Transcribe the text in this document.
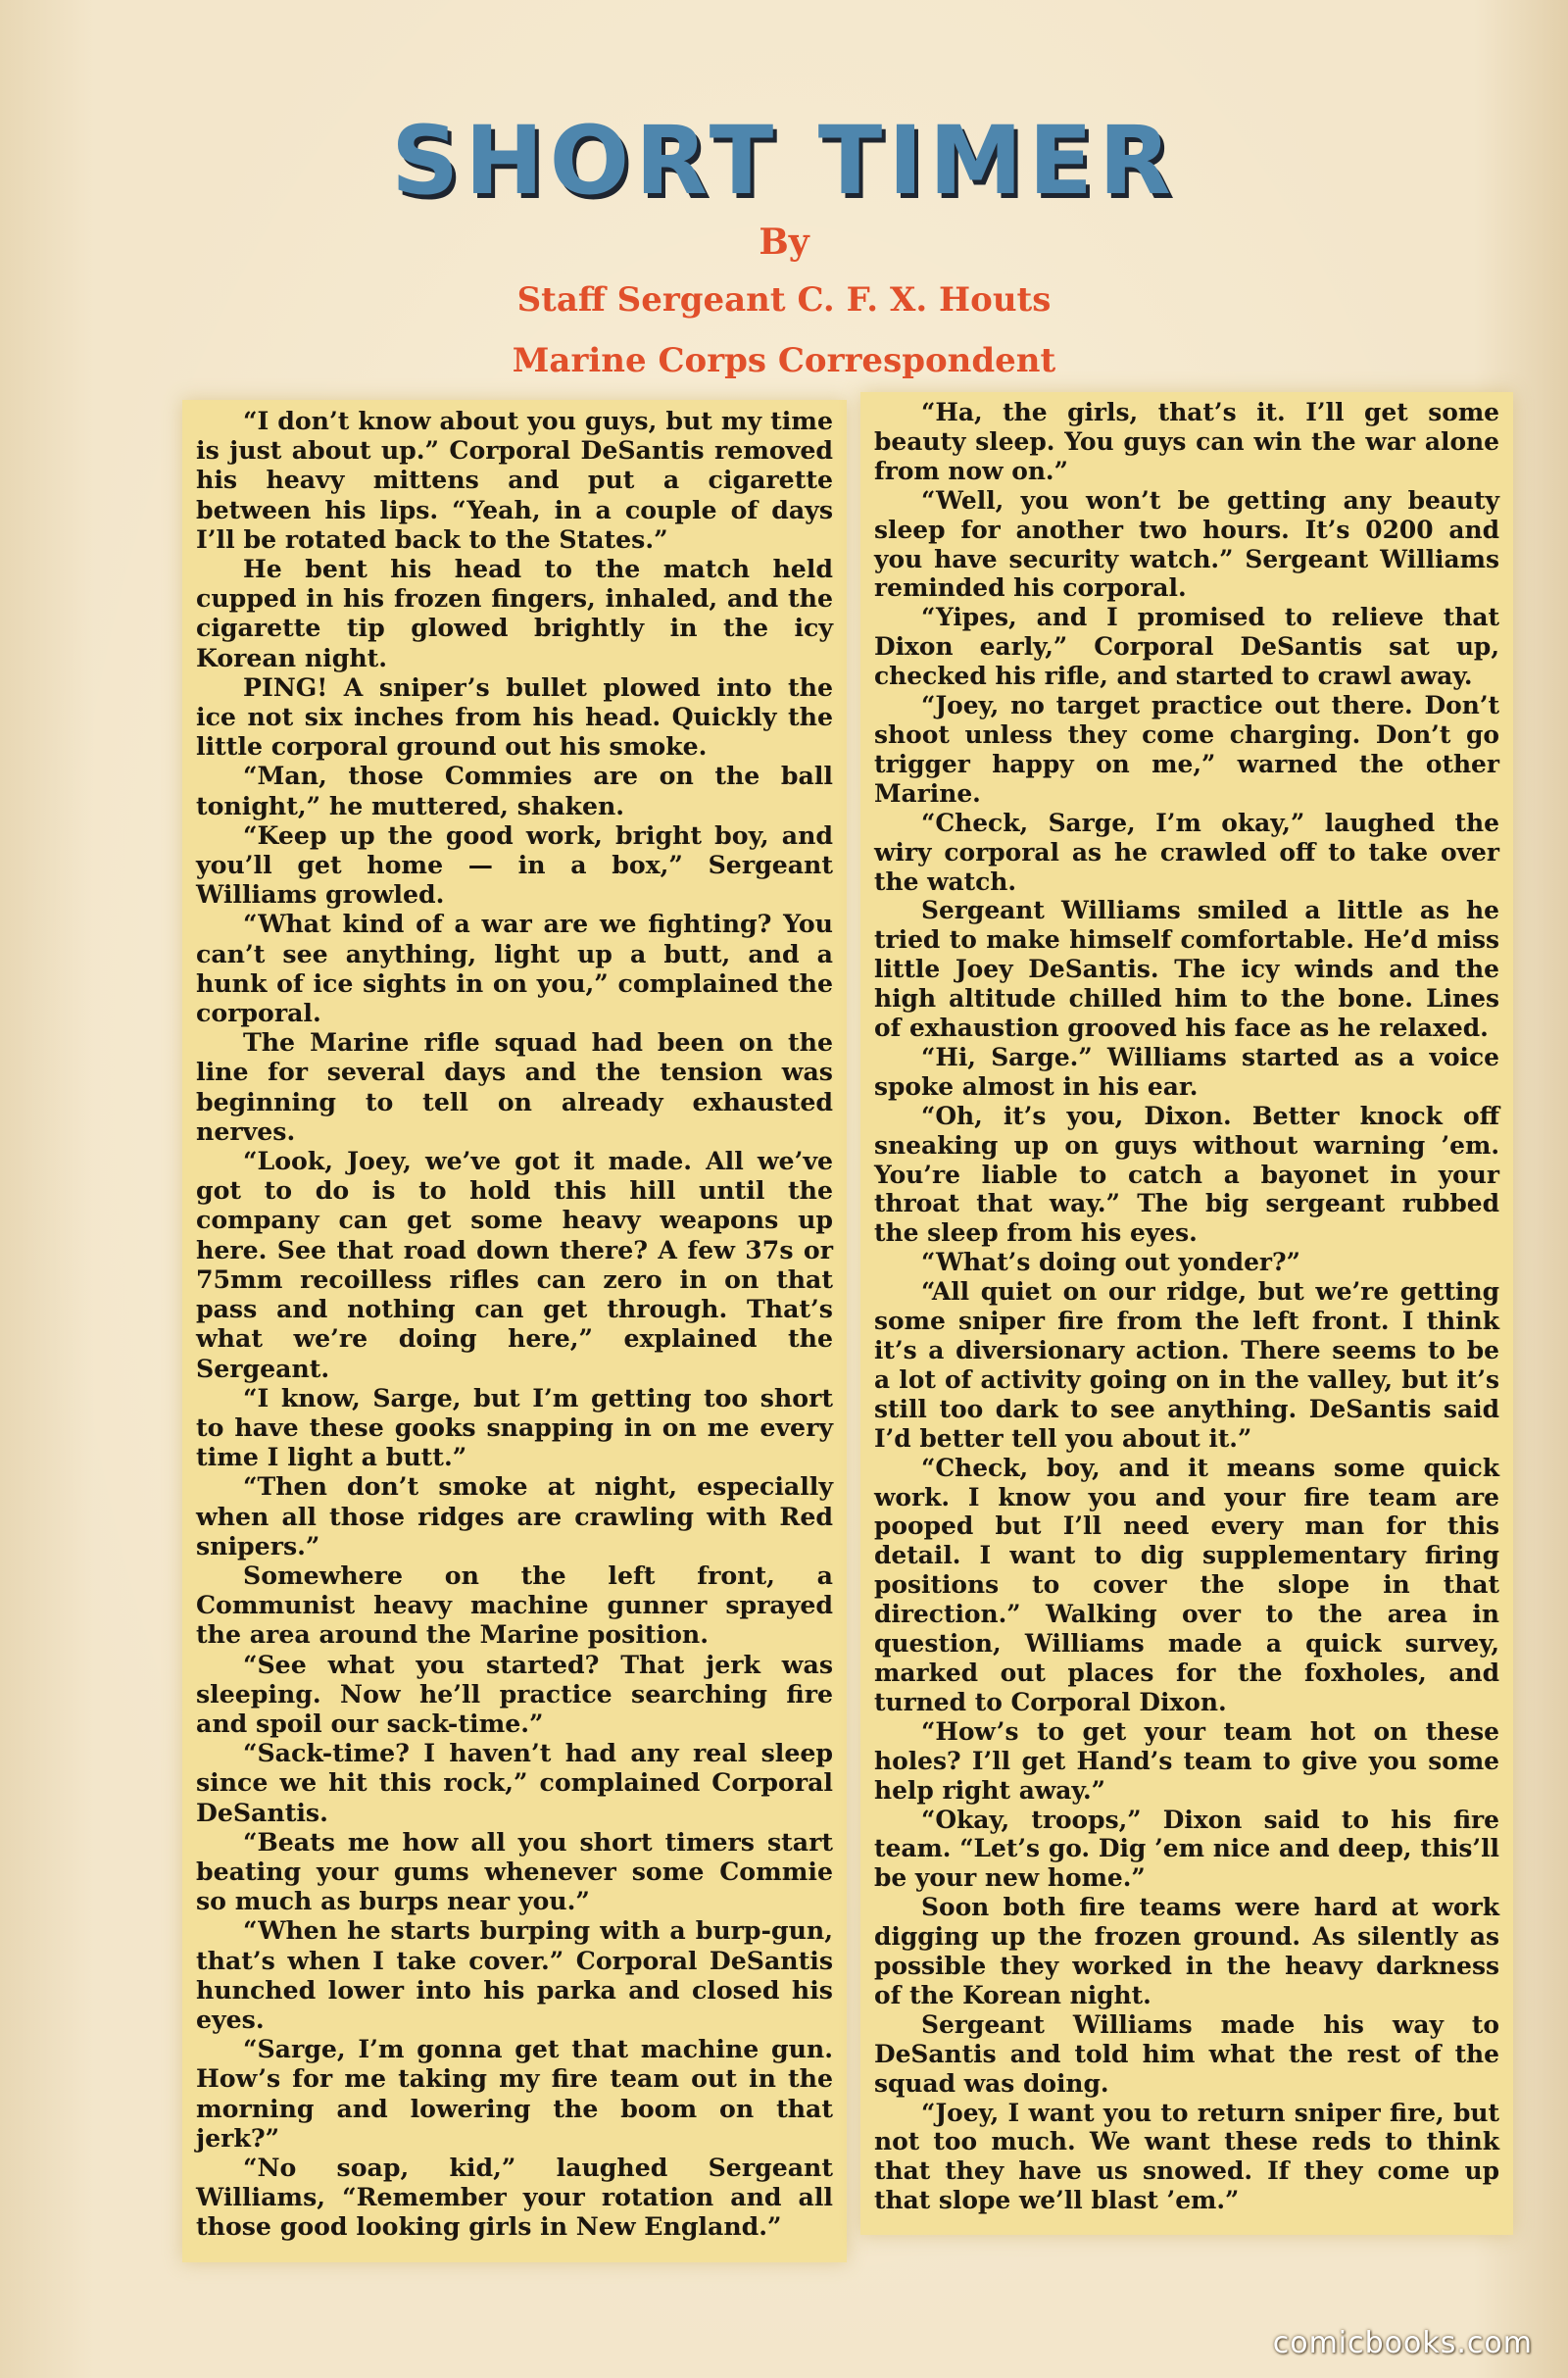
SHORT TIMER

By

Staff Sergeant C. F. X. Houts

Marine Corps Correspondent

“I don’t know about you guys, but my time is just about up.” Corporal DeSantis removed his heavy mittens and put a cigarette between his lips. “Yeah, in a couple of days I’ll be rotated back to the States.”

He bent his head to the match held cupped in his frozen fingers, inhaled, and the cigarette tip glowed brightly in the icy Korean night.

PING! A sniper’s bullet plowed into the ice not six inches from his head. Quickly the little corporal ground out his smoke.

“Man, those Commies are on the ball tonight,” he muttered, shaken.

“Keep up the good work, bright boy, and you’ll get home — in a box,” Sergeant Williams growled.

“What kind of a war are we fighting? You can’t see anything, light up a butt, and a hunk of ice sights in on you,” complained the corporal.

The Marine rifle squad had been on the line for several days and the tension was beginning to tell on already exhausted nerves.

“Look, Joey, we’ve got it made. All we’ve got to do is to hold this hill until the company can get some heavy weapons up here. See that road down there? A few 37s or 75mm recoilless rifles can zero in on that pass and nothing can get through. That’s what we’re doing here,” explained the Sergeant.

“I know, Sarge, but I’m getting too short to have these gooks snapping in on me every time I light a butt.”

“Then don’t smoke at night, especially when all those ridges are crawling with Red snipers.”

Somewhere on the left front, a Communist heavy machine gunner sprayed the area around the Marine position.

“See what you started? That jerk was sleeping. Now he’ll practice searching fire and spoil our sack-time.”

“Sack-time? I haven’t had any real sleep since we hit this rock,” complained Corporal DeSantis.

“Beats me how all you short timers start beating your gums whenever some Commie so much as burps near you.”

“When he starts burping with a burp-gun, that’s when I take cover.” Corporal DeSantis hunched lower into his parka and closed his eyes.

“Sarge, I’m gonna get that machine gun. How’s for me taking my fire team out in the morning and lowering the boom on that jerk?”

“No soap, kid,” laughed Sergeant Williams, “Remember your rotation and all those good looking girls in New England.”

“Ha, the girls, that’s it. I’ll get some beauty sleep. You guys can win the war alone from now on.”

“Well, you won’t be getting any beauty sleep for another two hours. It’s 0200 and you have security watch.” Sergeant Williams reminded his corporal.

“Yipes, and I promised to relieve that Dixon early,” Corporal DeSantis sat up, checked his rifle, and started to crawl away.

“Joey, no target practice out there. Don’t shoot unless they come charging. Don’t go trigger happy on me,” warned the other Marine.

“Check, Sarge, I’m okay,” laughed the wiry corporal as he crawled off to take over the watch.

Sergeant Williams smiled a little as he tried to make himself comfortable. He’d miss little Joey DeSantis. The icy winds and the high altitude chilled him to the bone. Lines of exhaustion grooved his face as he relaxed.

“Hi, Sarge.” Williams started as a voice spoke almost in his ear.

“Oh, it’s you, Dixon. Better knock off sneaking up on guys without warning ’em. You’re liable to catch a bayonet in your throat that way.” The big sergeant rubbed the sleep from his eyes.

“What’s doing out yonder?”

“All quiet on our ridge, but we’re getting some sniper fire from the left front. I think it’s a diversionary action. There seems to be a lot of activity going on in the valley, but it’s still too dark to see anything. DeSantis said I’d better tell you about it.”

“Check, boy, and it means some quick work. I know you and your fire team are pooped but I’ll need every man for this detail. I want to dig supplementary firing positions to cover the slope in that direction.” Walking over to the area in question, Williams made a quick survey, marked out places for the foxholes, and turned to Corporal Dixon.

“How’s to get your team hot on these holes? I’ll get Hand’s team to give you some help right away.”

“Okay, troops,” Dixon said to his fire team. “Let’s go. Dig ’em nice and deep, this’ll be your new home.”

Soon both fire teams were hard at work digging up the frozen ground. As silently as possible they worked in the heavy darkness of the Korean night.

Sergeant Williams made his way to DeSantis and told him what the rest of the squad was doing.

“Joey, I want you to return sniper fire, but not too much. We want these reds to think that they have us snowed. If they come up that slope we’ll blast ’em.”

comicbooks.com
